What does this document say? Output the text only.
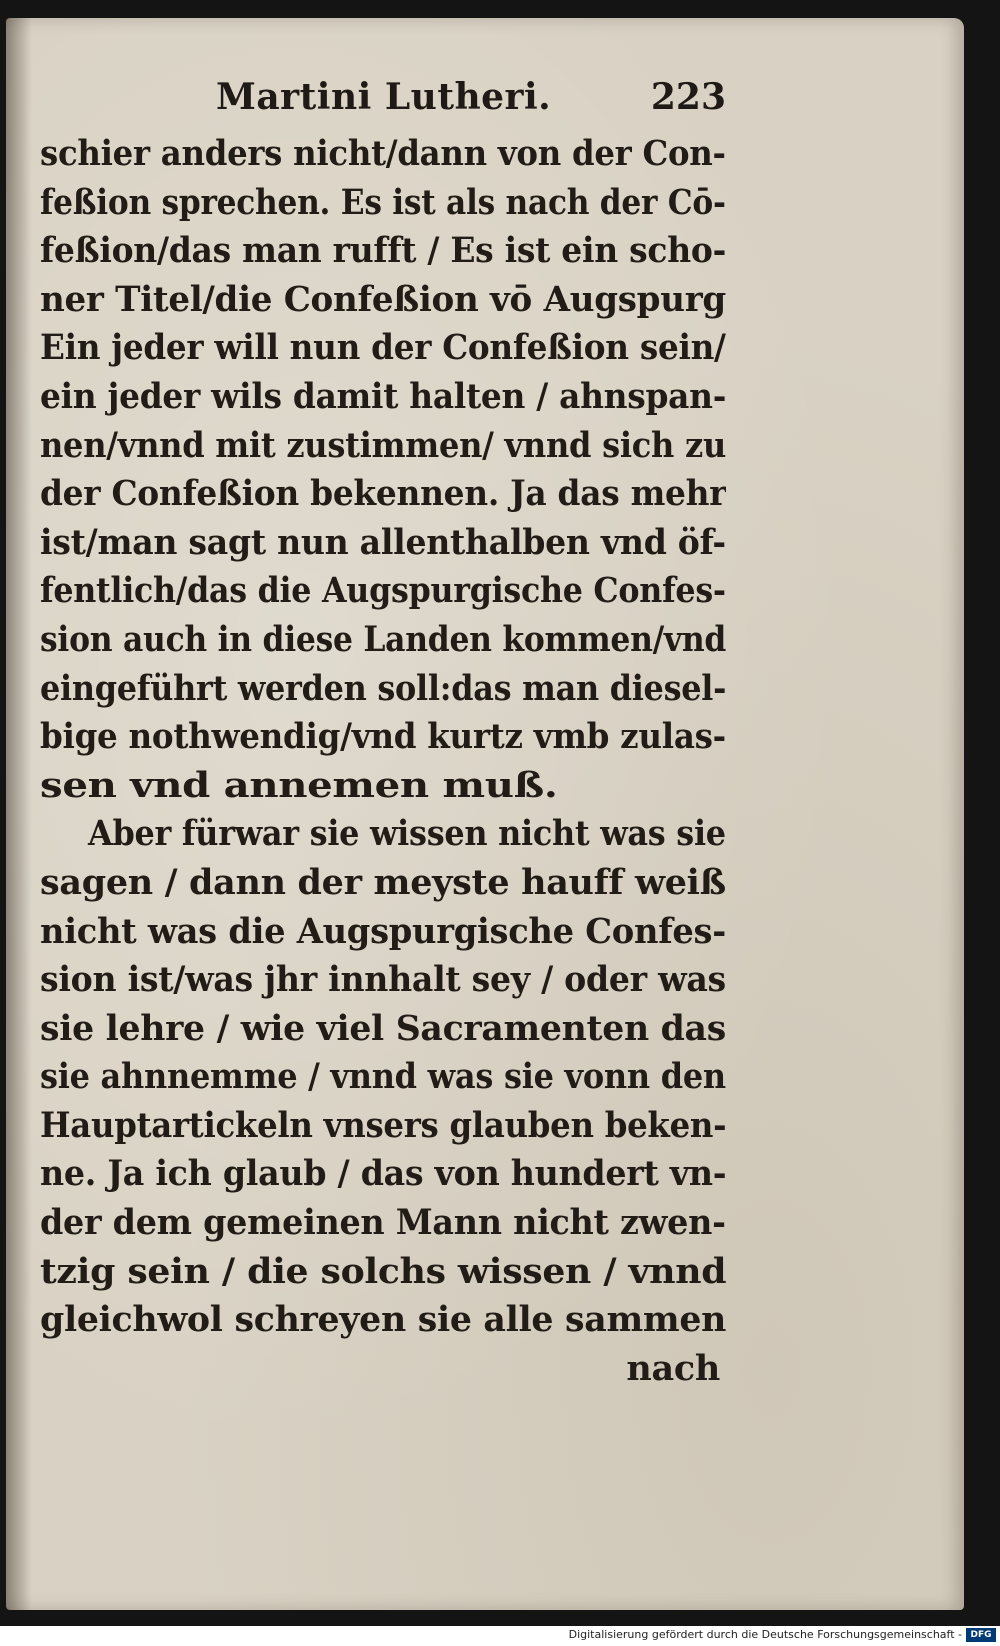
Martini Lutheri.	223
schier anders nicht/dann von der Con-
feßion sprechen. Es ist als nach der Cō-
feßion/das man rufft / Es ist ein scho-
ner Titel/die Confeßion vō Augspurg
Ein jeder will nun der Confeßion sein/
ein jeder wils damit halten / ahnspan-
nen/vnnd mit zustimmen/ vnnd sich zu
der Confeßion bekennen. Ja das mehr
ist/man sagt nun allenthalben vnd öf-
fentlich/das die Augspurgische Confes-
sion auch in diese Landen kommen/vnd
eingeführt werden soll:das man diesel-
bige nothwendig/vnd kurtz vmb zulas-
sen vnd annemen muß.
Aber fürwar sie wissen nicht was sie
sagen / dann der meyste hauff weiß
nicht was die Augspurgische Confes-
sion ist/was jhr innhalt sey / oder was
sie lehre / wie viel Sacramenten das
sie ahnnemme / vnnd was sie vonn den
Hauptartickeln vnsers glauben beken-
ne. Ja ich glaub / das von hundert vn-
der dem gemeinen Mann nicht zwen-
tzig sein / die solchs wissen / vnnd
gleichwol schreyen sie alle sammen
nach
Digitalisierung gefördert durch die Deutsche Forschungsgemeinschaft - DFG
